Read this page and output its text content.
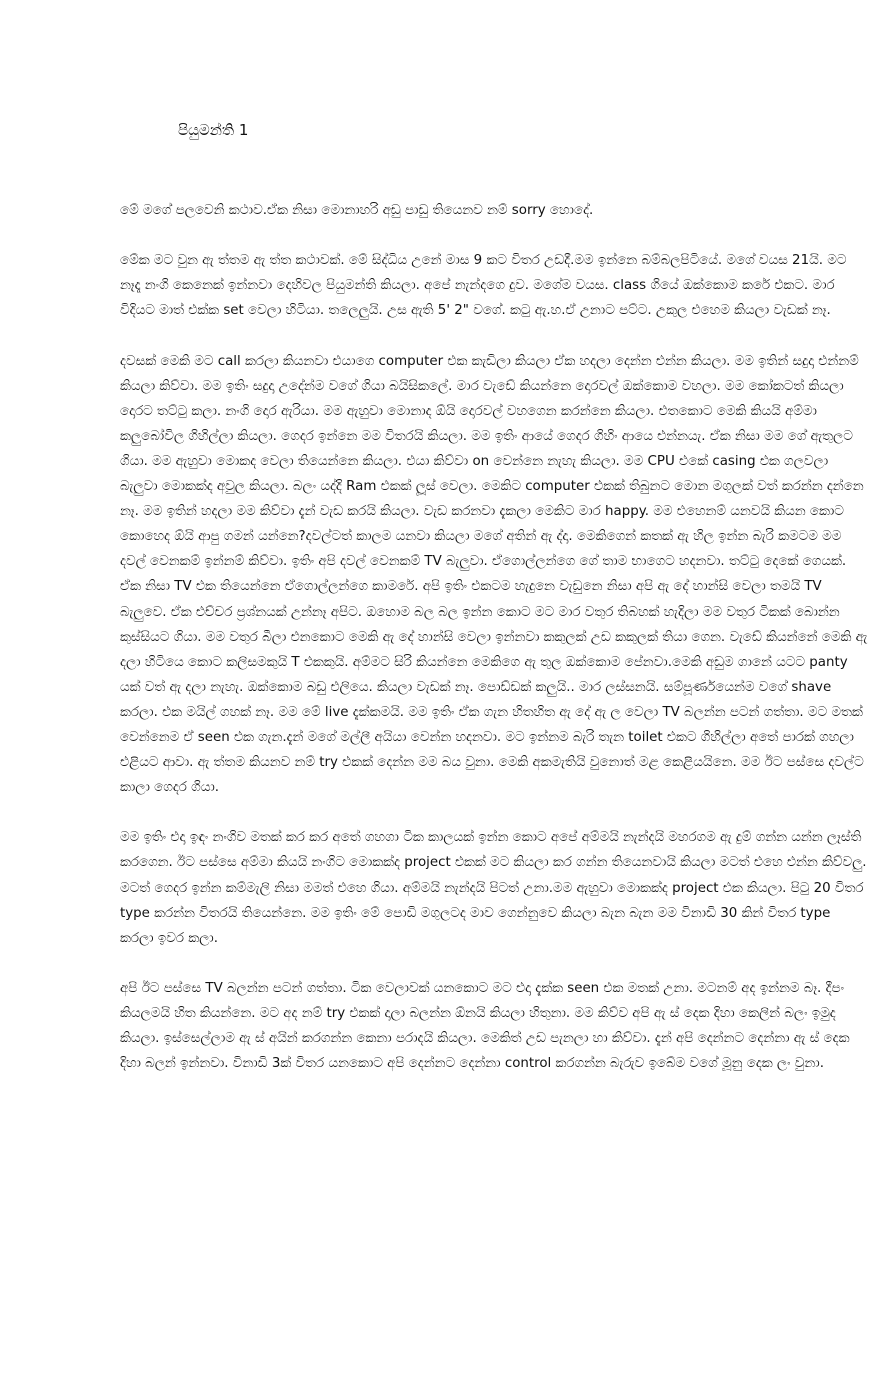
පියුමන්ති 1

මේ මගේ පලවෙනි කථාව.ඒක නිසා මොනාහරි අඩු පාඩු තියෙනව නම් sorry හොදේ.

මේක මට වුන ඇ ත්තම ඇ ත්ත කථාවක්. මේ සිද්ධිය උනේ මාස 9 කට විතර උඩදී.මම ඉන්නෙ බම්බලපිටියේ. මගේ වයස 21යි. මට නෑදෑ නංගි කෙනෙක් ඉන්නවා දෙහිවල පියුමන්ති කියලා. අපේ නැන්දගෙ දුව. මගේම වයස. class ගියේ ඔක්කොම කරේ එකට. මාර විදියට මාත් එක්ක set වෙලා හිටියා. තලෙලුයි. උස ඇති 5' 2" වගේ. කටු ඇ.හ.ඒ උනාට පට්ට. උකුල එහෙම කියලා වැඩක් නෑ.

දවසක් මෙකි මට call කරලා කියනවා එයාගෙ computer එක කැඩිලා කියලා ඒක හදලා දෙන්න එන්න කියලා. මම ඉතින් සදුදා එන්නම් කියලා කිව්වා. මම ඉතිං සදුදා උදේන්ම වගේ ගියා බයිසිකලේ. මාර වැඩේ කියන්නෙ දොරවල් ඔක්කොම වහලා. මම කෝකටත් කියලා දොරට තට්ටු කලා. නංගි දොර ඇරියා. මම ඇහුවා මොනාද ඕයි දොරවල් වහගෙන කරන්නෙ කියලා. එතකොට මෙකි කියයි අම්මා කලුබෝවිල ගිහිල්ලා කියලා. ගෙදර ඉන්නෙ මම විතරයි කියලා. මම ඉතිං ආයේ ගෙදර ගිහිං ආයෙ එන්නයැ. ඒක නිසා මම ගේ ඇතුලට ගියා. මම ඇහුවා මොකද වෙලා තියෙන්නෙ කියලා. එයා කිව්වා on වෙන්නෙ නැහැ කියලා. මම CPU එකේ casing එක ගලවලා බැලුවා මොකක්ද අවුල කියලා. බලං යද්දි Ram එකක් ලූස් වෙලා. මෙකිට computer එකක් තිබුනට මොන මගුලක් වත් කරන්න දන්නෙ නෑ. මම ඉතින් හදලා මම කිව්වා දැන් වැඩ කරයි කියලා. වැඩ කරනවා දැකලා මෙකිට මාර happy. මම එහෙනම් යනවයි කියන කොට කොහෙද ඕයි ආපු ගමන් යන්නෙ?දවල්ටත් කාලම යනවා කියලා මගේ අතින් ඇ ද්දා. මෙකිගෙන් කතක් ඇ හිල ඉන්න බැරි කමටම මම දවල් වෙනකම් ඉන්නම් කිව්වා. ඉතිං අපි දවල් වෙනකම් TV බැලුවා. ඒගොල්ලන්ගෙ ගේ තාම භාගෙට හදනවා. තට්ටු දෙකේ ගෙයක්. ඒක නිසා TV එක තියෙන්නෙ ඒගොල්ලන්ගෙ කාමරේ. අපි ඉතිං එකටම හැදුනෙ වැඩුනෙ නිසා අපි ඇ දේ හාන්සි වෙලා තමයි TV බැලුවෙ. ඒක එච්චර ප්‍රශ්නයක් උන්නෑ අපිට. ඔහොම බල බල ඉන්න කොට මට මාර වතුර තිබහක් හැදිලා මම වතුර ටිකක් බොන්න කුස්සියට ගියා. මම වතුර බීලා එනකොට මෙකි ඇ දේ හාන්සි වෙලා ඉන්නවා කකුලක් උඩ කකුලක් තියා ගෙන. වැඩේ කියන්නේ මෙකි ඇ දලා හිටියෙ කොට කලිසමකුයි T එකකුයි. අම්මට සිරි කියන්නෙ මෙකිගෙ ඇ තුල ඔක්කොම පේනවා.මෙකි අඩුම ගානේ යටට panty යක් වත් ඇ දලා නැහැ. ඔක්කොම බඩු එලියෙ. කියලා වැඩක් නෑ. පොඩ්ඩක් කලුයි.. මාර ලස්සනයි. සම්පූර්ණයෙන්ම වගේ shave කරලා. එක මයිල් ගහක් නෑ. මම මේ live දැක්කමයි. මම ඉතිං ඒක ගැන හිතහිත ඇ දේ ඇ ල වෙලා TV බලන්න පටන් ගත්තා. මට මතක් වෙන්නෙම ඒ seen එක ගැන.දැන් මගේ මල්ලී අයියා වෙන්න හදනවා. මට ඉන්නම බැරි තැන toilet එකට ගිහිල්ලා අතේ පාරක් ගහලා එළියට ආවා. ඇ ත්තම කියනව නම් try එකක් දෙන්න මම බය වුනා. මෙකි අකමැතියි වුනොත් මළ කෙළියයිනෙ. මම ඊට පස්සෙ දවල්ට කාලා ගෙදර ගියා.

මම ඉතිං එදා ඉඳං නංගිව මතක් කර කර අතේ ගහගා ටික කාලයක් ඉන්න කොට අපේ අම්මයි නැන්දයි මහරගම ඇ දුම් ගන්න යන්න ලෑස්ති කරගෙන. ඊට පස්සෙ අම්මා කියයි නංගිට මොකක්ද project එකක් මට කියලා කර ගන්න තියෙනවායි කියලා මටත් එහෙ එන්න කිව්වලු. මටත් ගෙදර ඉන්න කම්මැලි නිසා මමත් එහෙ ගියා. අම්මයි නැන්දයි පිටත් උනා.මම ඇහුවා මොකක්ද project එක කියලා. පිටු 20 විතර type කරන්න විතරයි තියෙන්නෙ. මම ඉතිං මේ පොඩි මගුලටද මාව ගෙන්නුවෙ කියලා බැන බැන මම විනාඩි 30 කින් විතර type කරලා ඉවර කලා.

අපි ඊට පස්සෙ TV බලන්න පටන් ගත්තා. ටික වෙලාවක් යනකොට මට එදා දැක්ක seen එක මතක් උනා. මටනම් අද ඉන්නම බෑ. දීපං කියලමයි හිත කියන්නෙ. මට අද නම් try එකක් දාලා බලන්න ඕනයි කියලා හිතුනා. මම කිව්ව අපි ඇ ස් දෙක දිහා කෙලින් බලං ඉමුද කියලා. ඉස්සෙල්ලාම ඇ ස් අයින් කරගන්න කෙනා පරාදයි කියලා. මෙකිත් උඩ පැනලා හා කිව්වා. දැන් අපි දෙන්නට දෙන්නා ඇ ස් දෙක දිහා බලන් ඉන්නවා. විනාඩි 3ක් විතර යනකොට අපි දෙන්නට දෙන්නා control කරගන්න බැරුව ඉබේම වගේ මූනු දෙක ලං වුනා.
